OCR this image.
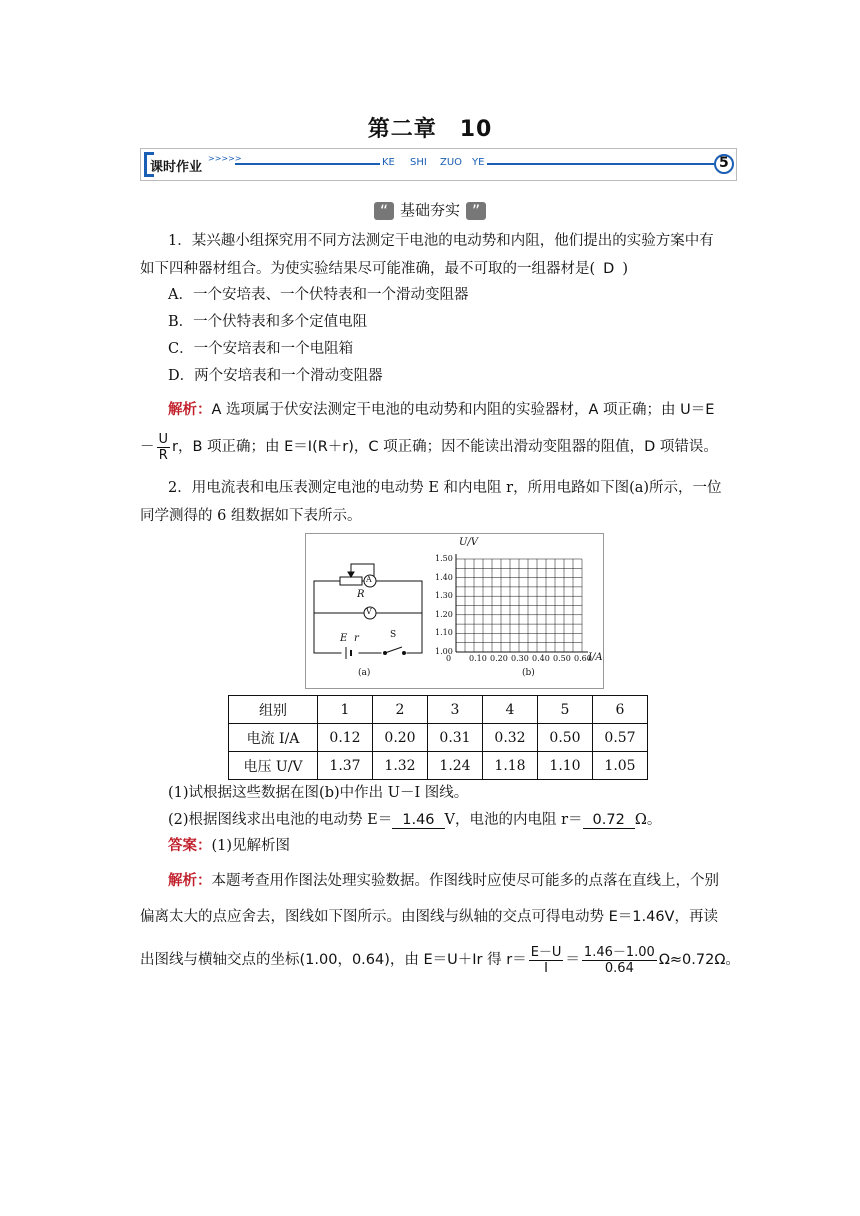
第二章　10
课时作业
>>>>>	KE SHI ZUO YE	5
“ 基础夯实 ”

1．某兴趣小组探究用不同方法测定干电池的电动势和内阻，他们提出的实验方案中有

如下四种器材组合。为使实验结果尽可能准确，最不可取的一组器材是( D )

A．一个安培表、一个伏特表和一个滑动变阻器

B．一个伏特表和多个定值电阻

C．一个安培表和一个电阻箱

D．两个安培表和一个滑动变阻器

解析：A 选项属于伏安法测定干电池的电动势和内阻的实验器材，A 项正确；由 U＝E

－ $\frac{U}{R}$ r，B 项正确；由 E＝I(R＋r)，C 项正确；因不能读出滑动变阻器的阻值，D 项错误。

2．用电流表和电压表测定电池的电动势 E 和内电阻 r，所用电路如下图(a)所示，一位

同学测得的 6 组数据如下表所示。

R
A
V
E r	S
(a)	(b)
U/V
I/A
1.50
1.40
1.30
1.20
1.10
1.00
0 0.10 0.20 0.30 0.40 0.50 0.60
组别	1	2	3	4	5	6
电流 I/A	0.12	0.20	0.31	0.32	0.50	0.57
电压 U/V	1.37	1.32	1.24	1.18	1.10	1.05

(1)试根据这些数据在图(b)中作出 U－I 图线。

(2)根据图线求出电池的电动势 E＝ 1.46 V，电池的内电阻 r＝ 0.72 Ω。

答案：(1)见解析图

解析：本题考查用作图法处理实验数据。作图线时应使尽可能多的点落在直线上，个别

偏离太大的点应舍去，图线如下图所示。由图线与纵轴的交点可得电动势 E＝1.46V，再读

出图线与横轴交点的坐标(1.00，0.64)，由 E＝U＋Ir 得 $r= \frac{E-U}{I} = \frac{1.46-1.00}{0.64} \Omega\approx 0.72\Omega$。
